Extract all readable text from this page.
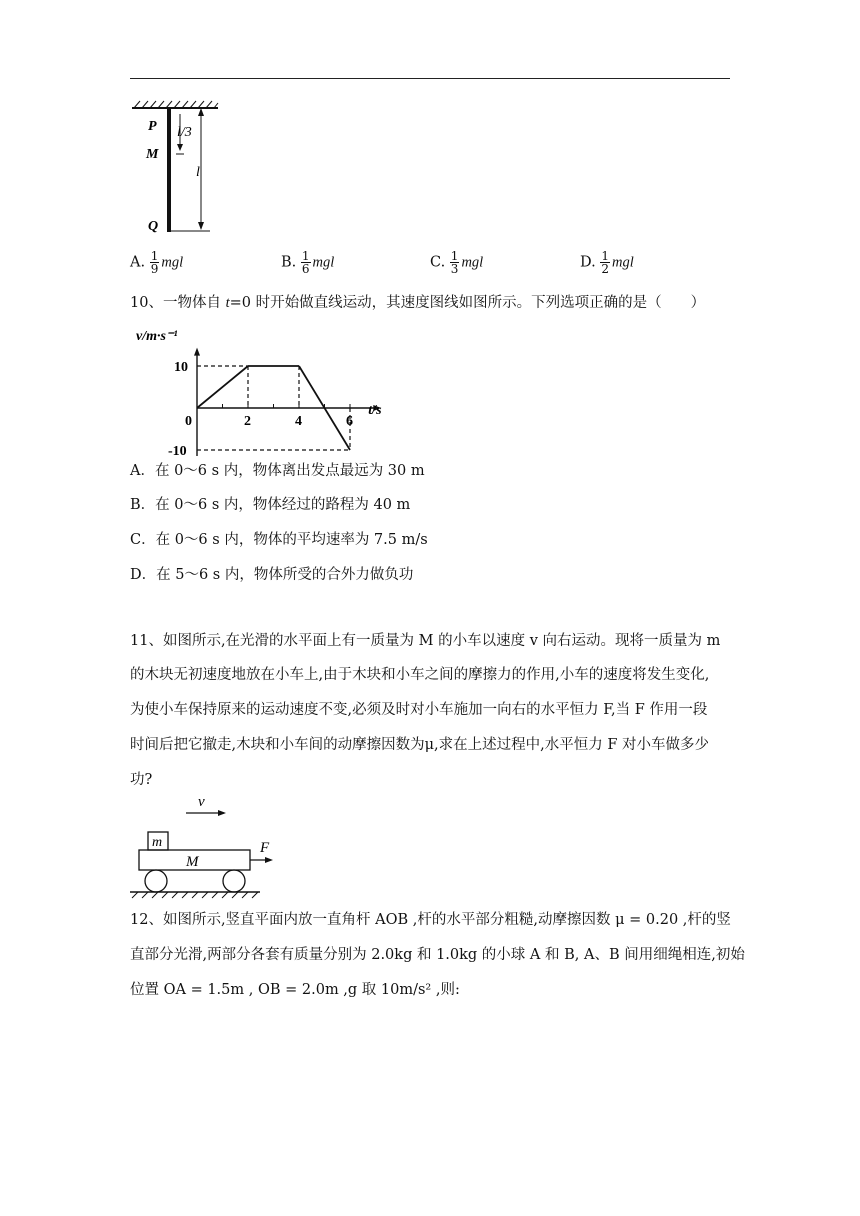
P
M
Q
l/3
l
A. $\frac{1}{9}$ mgl	B. $\frac{1}{6}$ mgl	C. $\frac{1}{3}$ mgl	D. $\frac{1}{2}$ mgl
10、一物体自 t=0 时开始做直线运动，其速度图线如图所示。下列选项正确的是（　　）
v/m·s⁻¹
t/s
0	2	4	6
10
-10
A．在 0～6 s 内，物体离出发点最远为 30 m
B．在 0～6 s 内，物体经过的路程为 40 m
C．在 0～6 s 内，物体的平均速率为 7.5 m/s
D．在 5～6 s 内，物体所受的合外力做负功
11、如图所示,在光滑的水平面上有一质量为 M 的小车以速度 v 向右运动。现将一质量为 m
的木块无初速度地放在小车上,由于木块和小车之间的摩擦力的作用,小车的速度将发生变化,
为使小车保持原来的运动速度不变,必须及时对小车施加一向右的水平恒力 F,当 F 作用一段
时间后把它撤走,木块和小车间的动摩擦因数为μ,求在上述过程中,水平恒力 F 对小车做多少
功?
v
m
M
F
12、如图所示,竖直平面内放一直角杆 AOB ,杆的水平部分粗糙,动摩擦因数 μ = 0.20 ,杆的竖
直部分光滑,两部分各套有质量分别为 2.0kg 和 1.0kg 的小球 A 和 B, A、B 间用细绳相连,初始
位置 OA = 1.5m , OB = 2.0m ,g 取 10m/s² ,则:
